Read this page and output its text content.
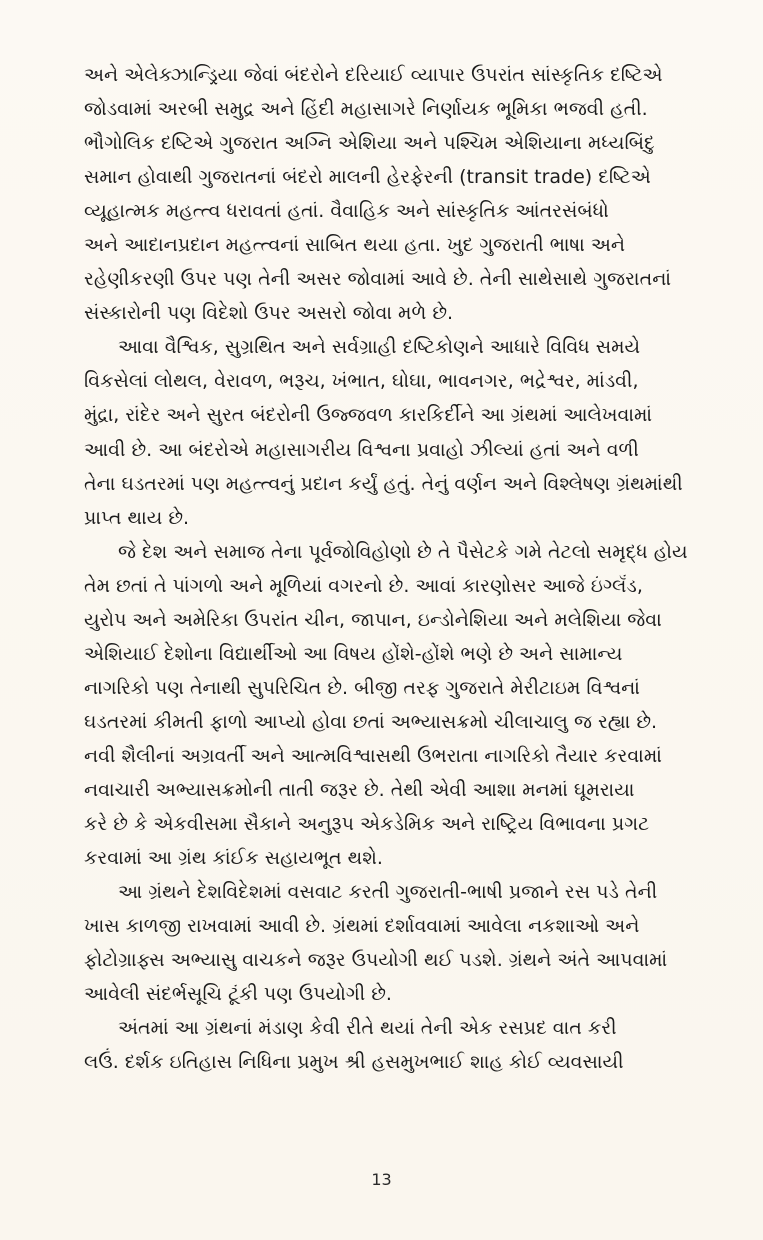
અને એલેક્ઝાન્ડ્રિયા જેવાં બંદરોને દરિયાઈ વ્યાપાર ઉપરાંત સાંસ્કૃતિક દષ્ટિએ
જોડવામાં અરબી સમુદ્ર અને હિંદી મહાસાગરે નિર્ણાયક ભૂમિકા ભજવી હતી.
ભૌગોલિક દષ્ટિએ ગુજરાત અગ્નિ એશિયા અને પશ્ચિમ એશિયાના મધ્યબિંદુ
સમાન હોવાથી ગુજરાતનાં બંદરો માલની હેરફેરની (transit trade) દષ્ટિએ
વ્યૂહાત્મક મહત્ત્વ ધરાવતાં હતાં. વૈવાહિક અને સાંસ્કૃતિક આંતરસંબંધો
અને આદાનપ્રદાન મહત્ત્વનાં સાબિત થયા હતા. ખુદ ગુજરાતી ભાષા અને
રહેણીકરણી ઉપર પણ તેની અસર જોવામાં આવે છે. તેની સાથેસાથે ગુજરાતનાં
સંસ્કારોની પણ વિદેશો ઉપર અસરો જોવા મળે છે.
આવા વૈશ્વિક, સુગ્રથિત અને સર્વગ્રાહી દષ્ટિકોણને આધારે વિવિધ સમયે
વિકસેલાં લોથલ, વેરાવળ, ભરૂચ, ખંભાત, ઘોઘા, ભાવનગર, ભદ્રેશ્વર, માંડવી,
મુંદ્રા, રાંદેર અને સુરત બંદરોની ઉજ્જવળ કારકિર્દીને આ ગ્રંથમાં આલેખવામાં
આવી છે. આ બંદરોએ મહાસાગરીય વિશ્વના પ્રવાહો ઝીલ્યાં હતાં અને વળી
તેના ઘડતરમાં પણ મહત્ત્વનું પ્રદાન કર્યું હતું. તેનું વર્ણન અને વિશ્લેષણ ગ્રંથમાંથી
પ્રાપ્ત થાય છે.
જે દેશ અને સમાજ તેના પૂર્વજોવિહોણો છે તે પૈસેટકે ગમે તેટલો સમૃદ્ધ હોય
તેમ છતાં તે પાંગળો અને મૂળિયાં વગરનો છે. આવાં કારણોસર આજે ઇંગ્લૅંડ,
યુરોપ અને અમેરિકા ઉપરાંત ચીન, જાપાન, ઇન્ડોનેશિયા અને મલેશિયા જેવા
એશિયાઈ દેશોના વિદ્યાર્થીઓ આ વિષય હોંશે-હોંશે ભણે છે અને સામાન્ય
નાગરિકો પણ તેનાથી સુપરિચિત છે. બીજી તરફ ગુજરાતે મેરીટાઇમ વિશ્વનાં
ઘડતરમાં કીમતી ફાળો આપ્યો હોવા છતાં અભ્યાસક્રમો ચીલાચાલુ જ રહ્યા છે.
નવી શૈલીનાં અગ્રવર્તી અને આત્મવિશ્વાસથી ઉભરાતા નાગરિકો તૈયાર કરવામાં
નવાચારી અભ્યાસક્રમોની તાતી જરૂર છે. તેથી એવી આશા મનમાં ઘૂમરાયા
કરે છે કે એકવીસમા સૈકાને અનુરૂપ એકડેમિક અને રાષ્ટ્રિય વિભાવના પ્રગટ
કરવામાં આ ગ્રંથ કાંઈક સહાયભૂત થશે.
આ ગ્રંથને દેશવિદેશમાં વસવાટ કરતી ગુજરાતી-ભાષી પ્રજાને રસ પડે તેની
ખાસ કાળજી રાખવામાં આવી છે. ગ્રંથમાં દર્શાવવામાં આવેલા નકશાઓ અને
ફોટોગ્રાફ્સ અભ્યાસુ વાચકને જરૂર ઉપયોગી થઈ પડશે. ગ્રંથને અંતે આપવામાં
આવેલી સંદર્ભસૂચિ ટૂંકી પણ ઉપયોગી છે.
અંતમાં આ ગ્રંથનાં મંડાણ કેવી રીતે થયાં તેની એક રસપ્રદ વાત કરી
લઉં. દર્શક ઇતિહાસ નિધિના પ્રમુખ શ્રી હસમુખભાઈ શાહ કોઈ વ્યવસાયી
13
